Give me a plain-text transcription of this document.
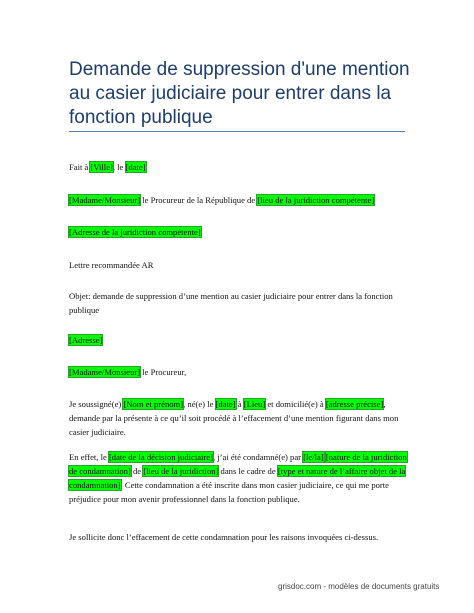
Demande de suppression d'une mention au casier judiciaire pour entrer dans la fonction publique
Fait à [Ville], le [date]
[Madame/Monsieur] le Procureur de la République de [lieu de la juridiction compétente]
[Adresse de la juridiction compétente]
Lettre recommandée AR
Objet: demande de suppression d’une mention au casier judiciaire pour entrer dans la fonction publique
[Adresse]
[Madame/Monsieur] le Procureur,
Je soussigné(e) [Nom et prénom], né(e) le [date] à [Lieu] et domicilié(e) à [adresse précise], demande par la présente à ce qu’il soit procédé à l’effacement d’une mention figurant dans mon casier judiciaire.
En effet, le [date de la décision judiciaire], j’ai été condamné(e) par [le/la] [nature de la juridiction de condamnation] de [lieu de la juridiction] dans le cadre de [type et nature de l’affaire objet de la condamnation]. Cette condamnation a été inscrite dans mon casier judiciaire, ce qui me porte préjudice pour mon avenir professionnel dans la fonction publique.
Je sollicite donc l’effacement de cette condamnation pour les raisons invoquées ci-dessus.
grisdoc.com - modèles de documents gratuits
